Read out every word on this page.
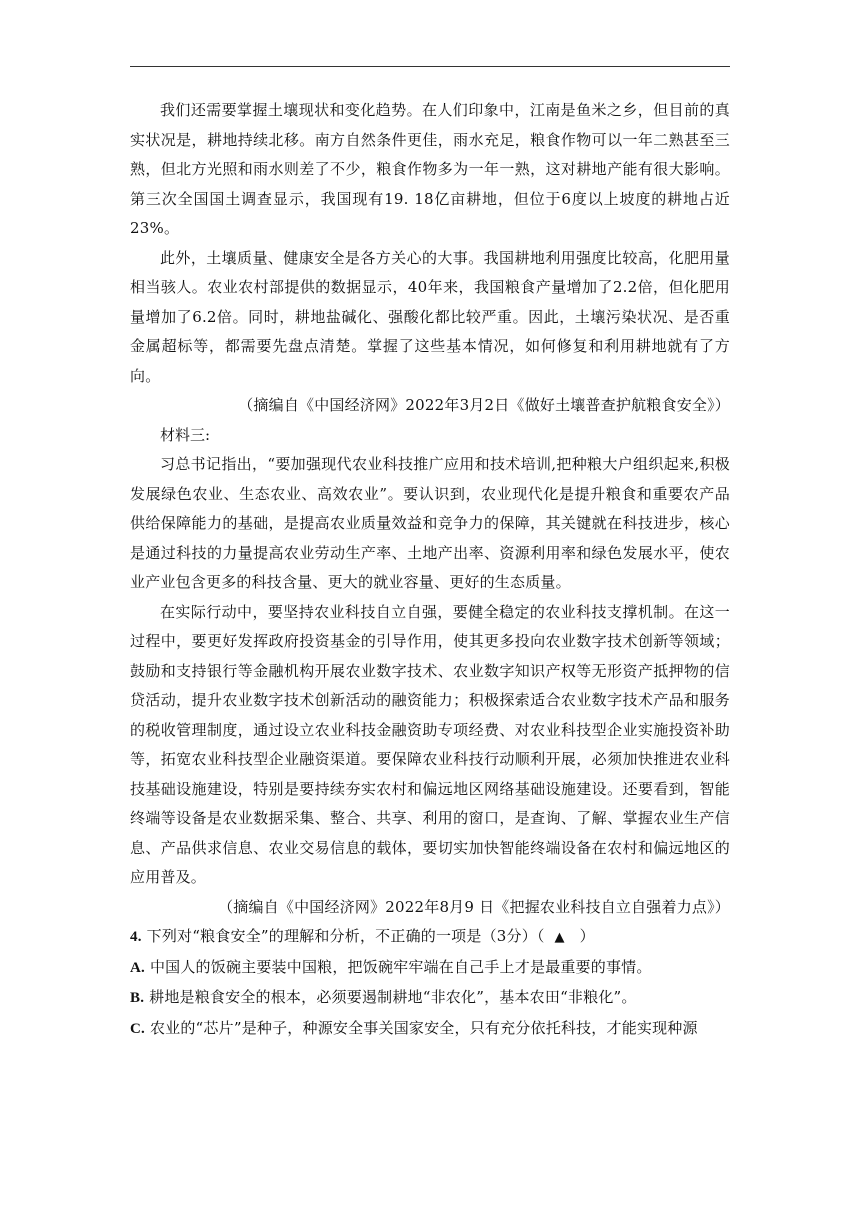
我们还需要掌握土壤现状和变化趋势。在人们印象中，江南是鱼米之乡，但目前的真实状况是，耕地持续北移。南方自然条件更佳，雨水充足，粮食作物可以一年二熟甚至三熟，但北方光照和雨水则差了不少，粮食作物多为一年一熟，这对耕地产能有很大影响。第三次全国国土调查显示，我国现有19. 18亿亩耕地，但位于6度以上坡度的耕地占近23%。

此外，土壤质量、健康安全是各方关心的大事。我国耕地利用强度比较高，化肥用量相当骇人。农业农村部提供的数据显示，40年来，我国粮食产量增加了2.2倍，但化肥用量增加了6.2倍。同时，耕地盐碱化、强酸化都比较严重。因此，土壤污染状况、是否重金属超标等，都需要先盘点清楚。掌握了这些基本情况，如何修复和利用耕地就有了方向。

（摘编自《中国经济网》2022年3月2日《做好土壤普查护航粮食安全》）

材料三:

习总书记指出，“要加强现代农业科技推广应用和技术培训,把种粮大户组织起来,积极发展绿色农业、生态农业、高效农业”。要认识到，农业现代化是提升粮食和重要农产品供给保障能力的基础，是提高农业质量效益和竞争力的保障，其关键就在科技进步，核心是通过科技的力量提高农业劳动生产率、土地产出率、资源利用率和绿色发展水平，使农业产业包含更多的科技含量、更大的就业容量、更好的生态质量。

在实际行动中，要坚持农业科技自立自强，要健全稳定的农业科技支撑机制。在这一过程中，要更好发挥政府投资基金的引导作用，使其更多投向农业数字技术创新等领域；鼓励和支持银行等金融机构开展农业数字技术、农业数字知识产权等无形资产抵押物的信贷活动，提升农业数字技术创新活动的融资能力；积极探索适合农业数字技术产品和服务的税收管理制度，通过设立农业科技金融资助专项经费、对农业科技型企业实施投资补助等，拓宽农业科技型企业融资渠道。要保障农业科技行动顺利开展，必须加快推进农业科技基础设施建设，特别是要持续夯实农村和偏远地区网络基础设施建设。还要看到，智能终端等设备是农业数据采集、整合、共享、利用的窗口，是查询、了解、掌握农业生产信息、产品供求信息、农业交易信息的载体，要切实加快智能终端设备在农村和偏远地区的应用普及。

（摘编自《中国经济网》2022年8月9 日《把握农业科技自立自强着力点》）

4. 下列对“粮食安全”的理解和分析，不正确的一项是（3分）（ ▲ ）

A. 中国人的饭碗主要装中国粮，把饭碗牢牢端在自己手上才是最重要的事情。

B. 耕地是粮食安全的根本，必须要遏制耕地“非农化”，基本农田“非粮化”。

C. 农业的“芯片”是种子，种源安全事关国家安全，只有充分依托科技，才能实现种源
